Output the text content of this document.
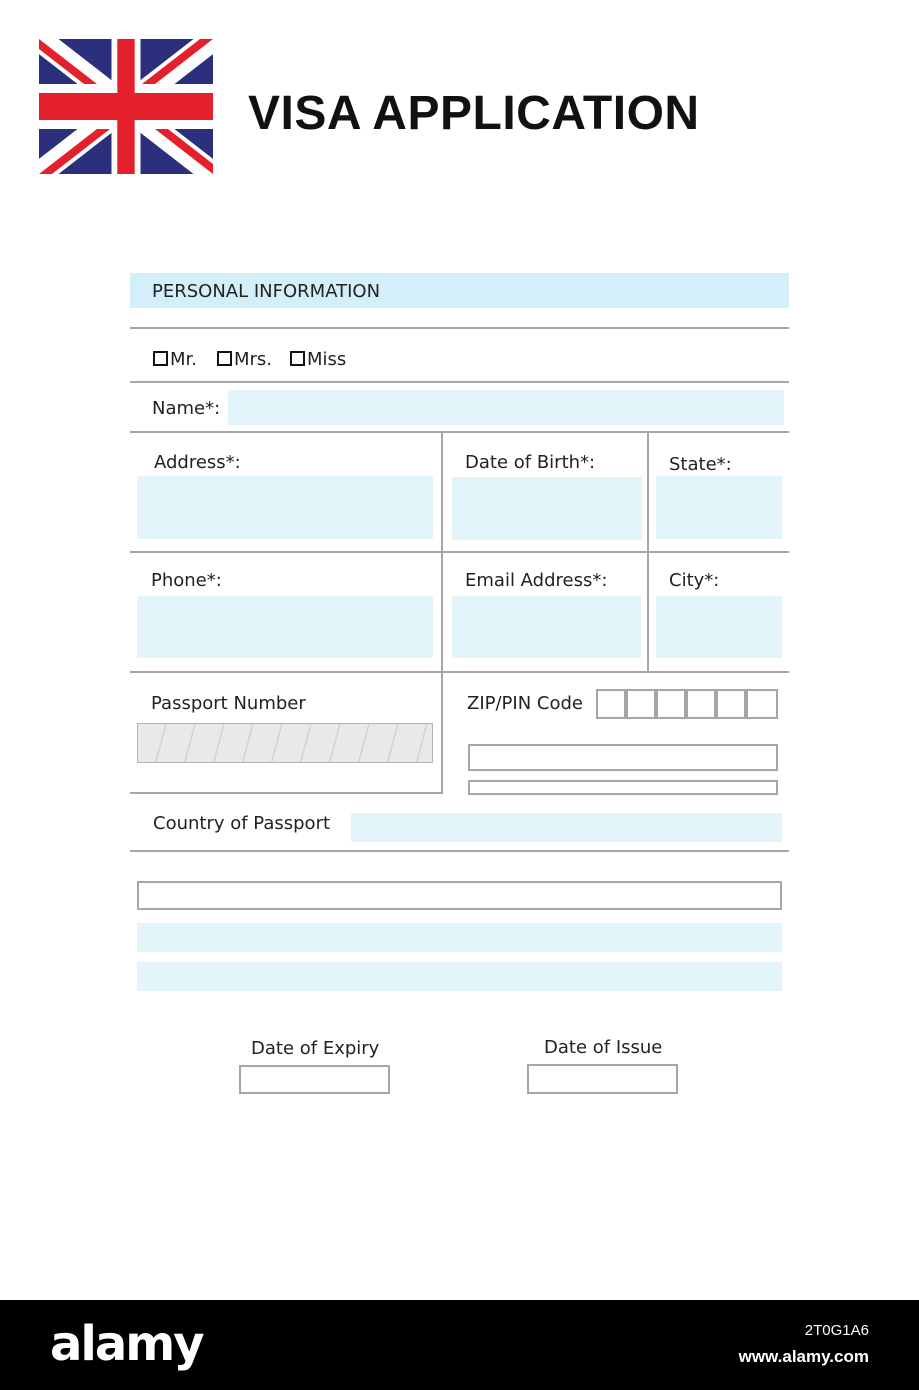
VISA APPLICATION
PERSONAL INFORMATION
Mr.	Mrs.	Miss
Name*:
Address*:	Date of Birth*:	State*:
Phone*:	Email Address*:	City*:
Passport Number	ZIP/PIN Code
Country of Passport
Date of Expiry	Date of Issue
alamy	2T0G1A6
www.alamy.com
